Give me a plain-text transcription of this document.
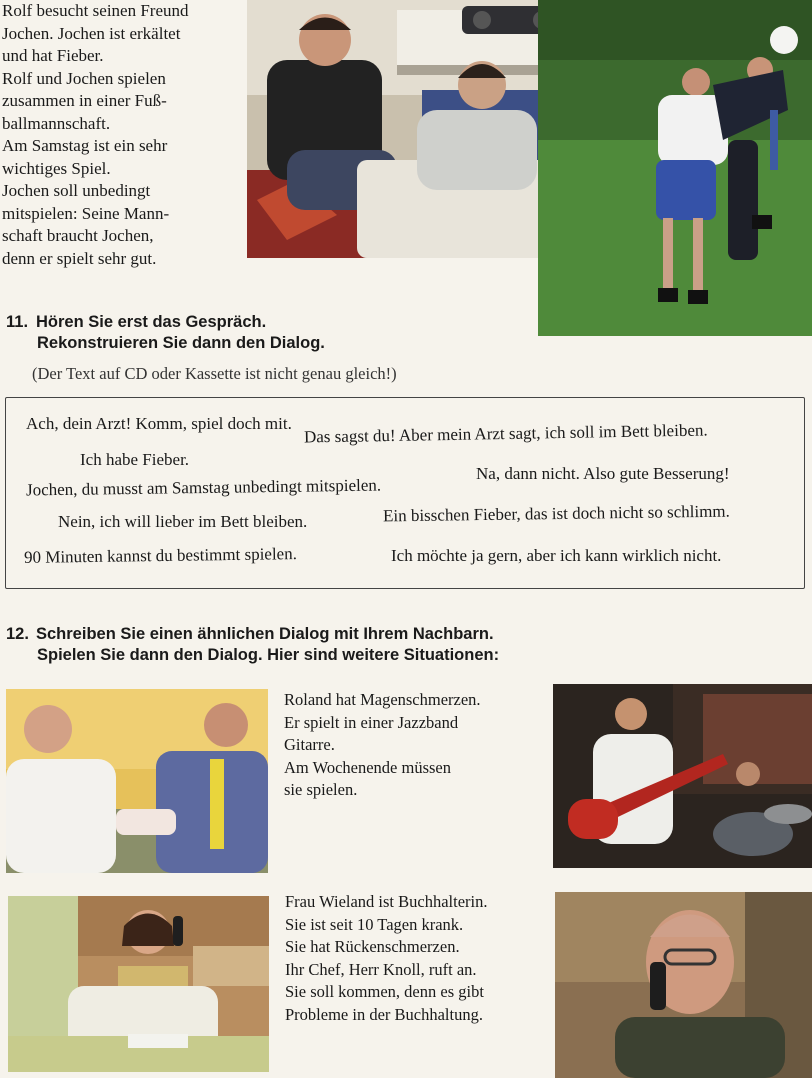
Rolf besucht seinen Freund
Jochen. Jochen ist erkältet
und hat Fieber.
Rolf und Jochen spielen
zusammen in einer Fuß-
ballmannschaft.
Am Samstag ist ein sehr
wichtiges Spiel.
Jochen soll unbedingt
mitspielen: Seine Mann-
schaft braucht Jochen,
denn er spielt sehr gut.

11. Hören Sie erst das Gespräch.
Rekonstruieren Sie dann den Dialog.
(Der Text auf CD oder Kassette ist nicht genau gleich!)
Ach, dein Arzt! Komm, spiel doch mit. Das sagst du! Aber mein Arzt sagt, ich soll im Bett bleiben.
Ich habe Fieber.
Jochen, du musst am Samstag unbedingt mitspielen.
Na, dann nicht. Also gute Besserung!
Nein, ich will lieber im Bett bleiben.	Ein bisschen Fieber, das ist doch nicht so schlimm.
90 Minuten kannst du bestimmt spielen.	Ich möchte ja gern, aber ich kann wirklich nicht.
12. Schreiben Sie einen ähnlichen Dialog mit Ihrem Nachbarn.
Spielen Sie dann den Dialog. Hier sind weitere Situationen:
Roland hat Magenschmerzen.
Er spielt in einer Jazzband
Gitarre.
Am Wochenende müssen
sie spielen.
Frau Wieland ist Buchhalterin.
Sie ist seit 10 Tagen krank.
Sie hat Rückenschmerzen.
Ihr Chef, Herr Knoll, ruft an.
Sie soll kommen, denn es gibt
Probleme in der Buchhaltung.
